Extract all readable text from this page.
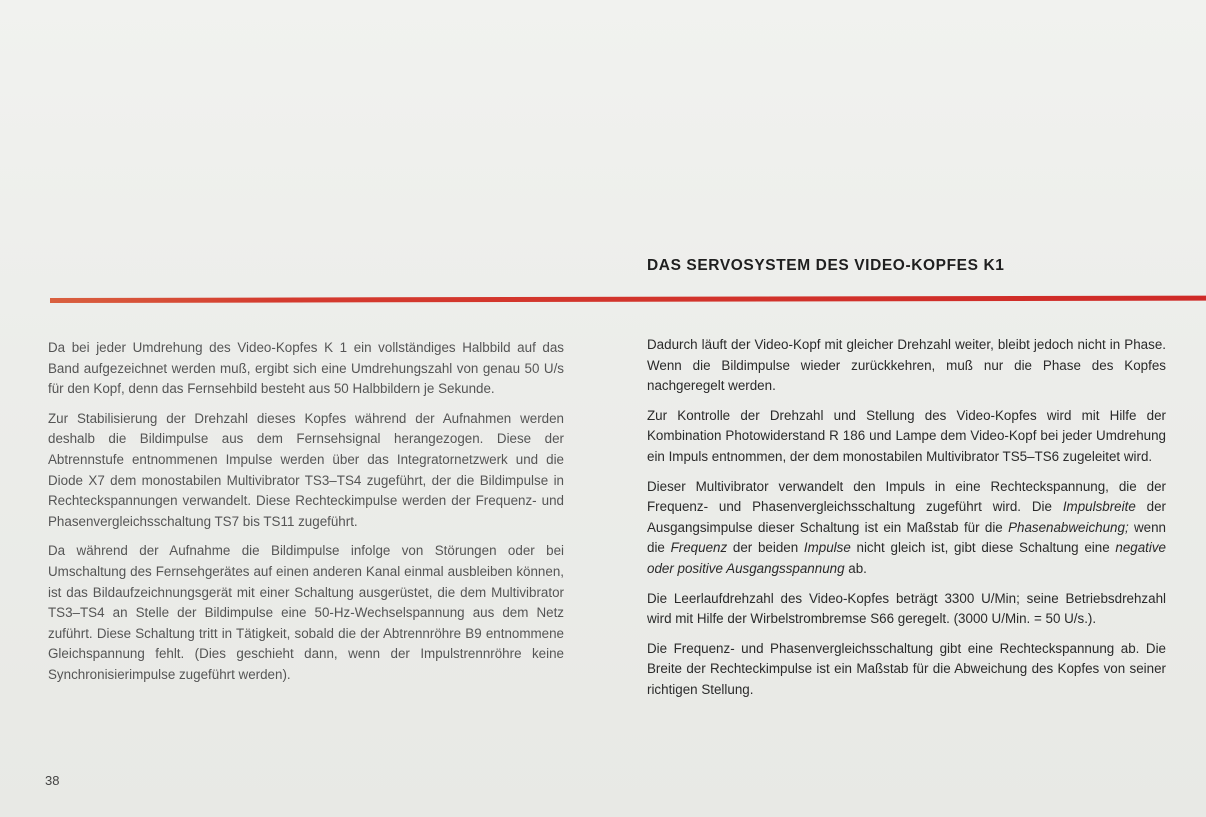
DAS SERVOSYSTEM DES VIDEO-KOPFES K1

Da bei jeder Umdrehung des Video-Kopfes K 1 ein vollständiges Halbbild auf das Band aufgezeichnet werden muß, ergibt sich eine Umdrehungszahl von genau 50 U/s für den Kopf, denn das Fernsehbild besteht aus 50 Halbbildern je Sekunde.

Zur Stabilisierung der Drehzahl dieses Kopfes während der Aufnahmen werden deshalb die Bildimpulse aus dem Fernsehsignal herangezogen. Diese der Abtrennstufe entnommenen Impulse werden über das Integratornetzwerk und die Diode X7 dem monostabilen Multivibrator TS3–TS4 zugeführt, der die Bildimpulse in Rechteckspannungen verwandelt. Diese Rechteckimpulse werden der Frequenz- und Phasenvergleichsschaltung TS7 bis TS11 zugeführt.

Da während der Aufnahme die Bildimpulse infolge von Störungen oder bei Umschaltung des Fernsehgerätes auf einen anderen Kanal einmal ausbleiben können, ist das Bildaufzeichnungsgerät mit einer Schaltung ausgerüstet, die dem Multivibrator TS3–TS4 an Stelle der Bildimpulse eine 50-Hz-Wechselspannung aus dem Netz zuführt. Diese Schaltung tritt in Tätigkeit, sobald die der Abtrennröhre B9 entnommene Gleichspannung fehlt. (Dies geschieht dann, wenn der Impulstrennröhre keine Synchronisierimpulse zugeführt werden).

Dadurch läuft der Video-Kopf mit gleicher Drehzahl weiter, bleibt jedoch nicht in Phase. Wenn die Bildimpulse wieder zurückkehren, muß nur die Phase des Kopfes nachgeregelt werden.

Zur Kontrolle der Drehzahl und Stellung des Video-Kopfes wird mit Hilfe der Kombination Photowiderstand R 186 und Lampe dem Video-Kopf bei jeder Umdrehung ein Impuls entnommen, der dem monostabilen Multivibrator TS5–TS6 zugeleitet wird.

Dieser Multivibrator verwandelt den Impuls in eine Rechteckspannung, die der Frequenz- und Phasenvergleichsschaltung zugeführt wird. Die Impulsbreite der Ausgangsimpulse dieser Schaltung ist ein Maßstab für die Phasenabweichung; wenn die Frequenz der beiden Impulse nicht gleich ist, gibt diese Schaltung eine negative oder positive Ausgangsspannung ab.

Die Leerlaufdrehzahl des Video-Kopfes beträgt 3300 U/Min; seine Betriebsdrehzahl wird mit Hilfe der Wirbelstrombremse S66 geregelt. (3000 U/Min. = 50 U/s.).

Die Frequenz- und Phasenvergleichsschaltung gibt eine Rechteckspannung ab. Die Breite der Rechteckimpulse ist ein Maßstab für die Abweichung des Kopfes von seiner richtigen Stellung.

38
